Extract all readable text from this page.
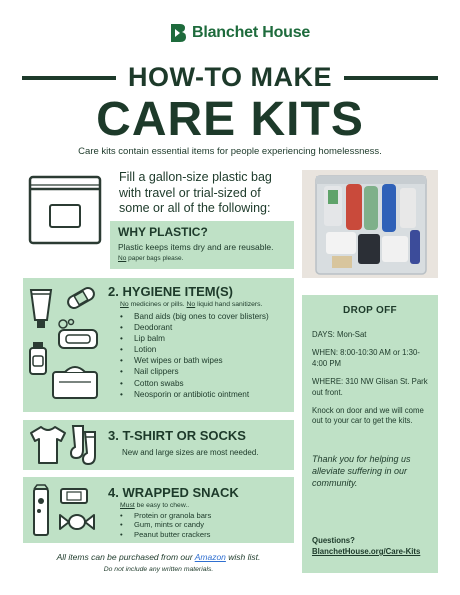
Blanchet House
HOW-TO MAKE
CARE KITS
Care kits contain essential items for people experiencing homelessness.
Fill a gallon-size plastic bag with travel or trial-sized of some or all of the following:
WHY PLASTIC?
Plastic keeps items dry and are reusable.
No paper bags please.
2. HYGIENE ITEM(S)
No medicines or pills. No liquid hand sanitizers.
• Band aids (big ones to cover blisters)
• Deodorant
• Lip balm
• Lotion
• Wet wipes or bath wipes
• Nail clippers
• Cotton swabs
• Neosporin or antibiotic ointment
3. T-SHIRT OR SOCKS
New and large sizes are most needed.
4. WRAPPED SNACK
Must be easy to chew..
• Protein or granola bars
• Gum, mints or candy
• Peanut butter crackers
DROP OFF
DAYS: Mon-Sat
WHEN: 8:00-10:30 AM or 1:30-4:00 PM
WHERE: 310 NW Glisan St. Park out front.
Knock on door and we will come out to your car to get the kits.
Thank you for helping us alleviate suffering in our community.
Questions?
BlanchetHouse.org/Care-Kits
All items can be purchased from our Amazon wish list.
Do not include any written materials.
